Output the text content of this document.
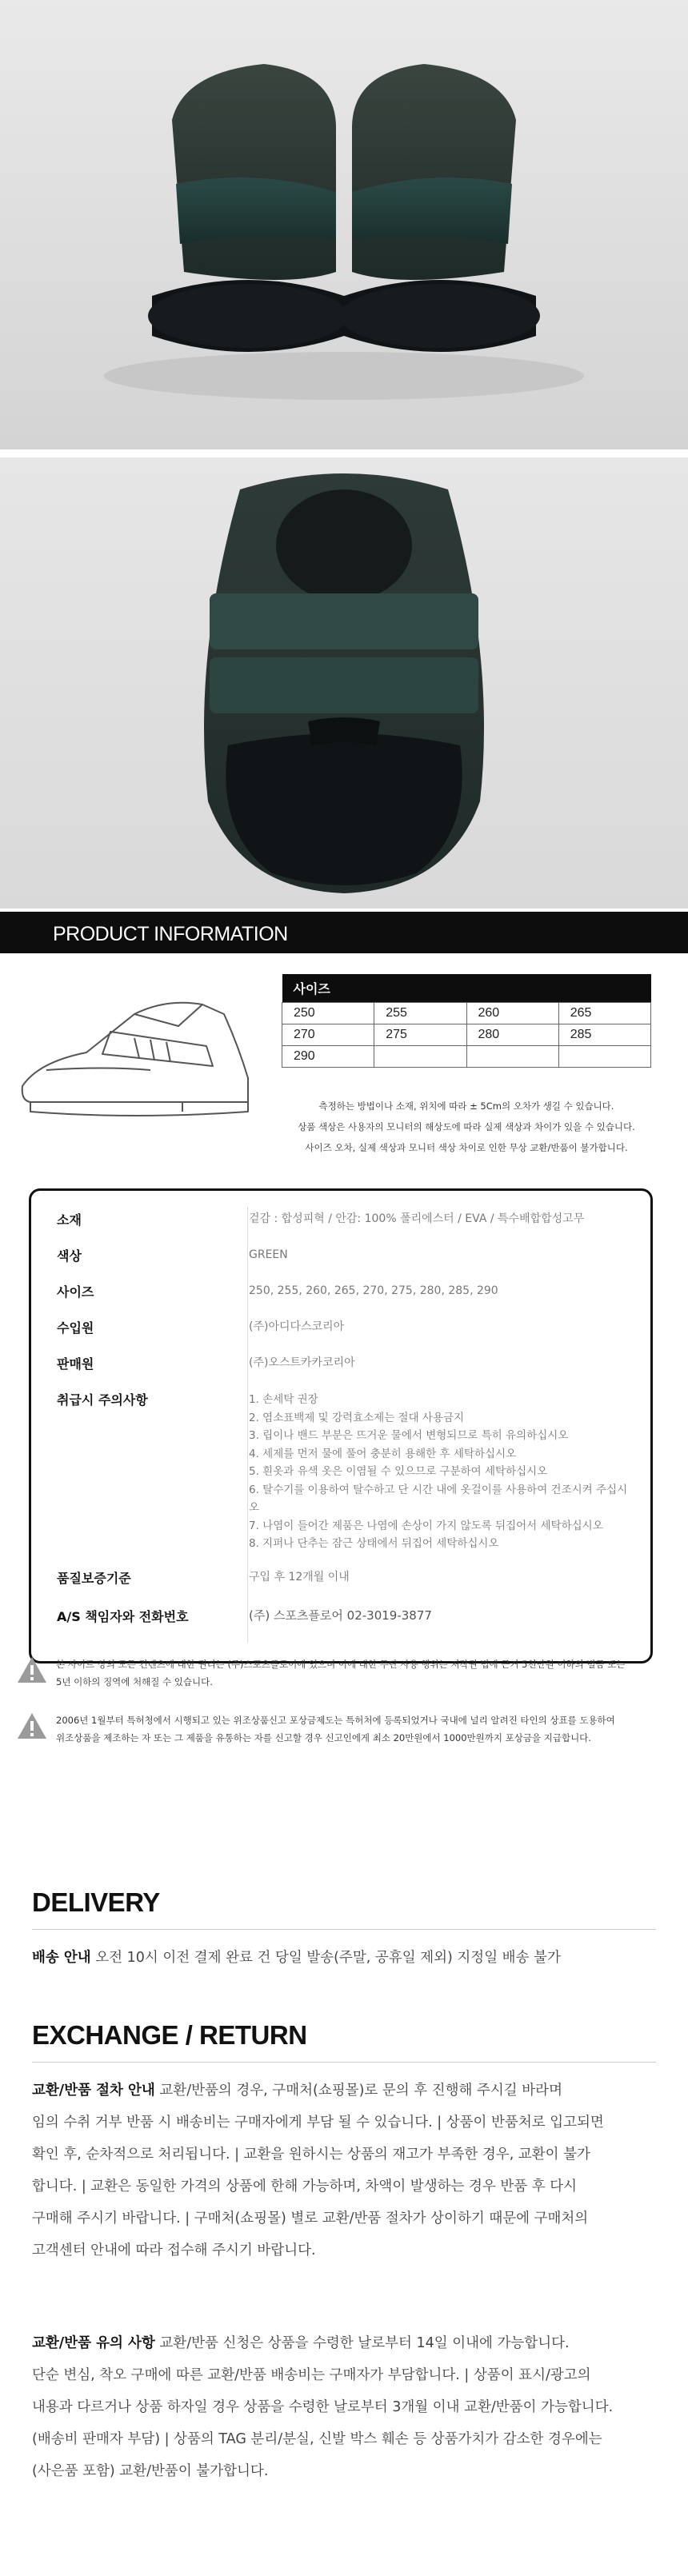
PRODUCT INFORMATION
사이즈			
250	255	260	265
270	275	280	285
290			
측정하는 방법이나 소재, 위치에 따라 ± 5Cm의 오차가 생길 수 있습니다.
상품 색상은 사용자의 모니터의 해상도에 따라 실제 색상과 차이가 있을 수 있습니다.
사이즈 오차, 실제 색상과 모니터 색상 차이로 인한 무상 교환/반품이 불가합니다.
소재	겉감 : 합성피혁 / 안감: 100% 폴리에스터 / EVA / 특수배합합성고무
색상	GREEN
사이즈	250, 255, 260, 265, 270, 275, 280, 285, 290
수입원	(주)아디다스코리아
판매원	(주)오스트카카코리아
취급시 주의사항	1. 손세탁 권장
2. 염소표백제 및 강력효소제는 절대 사용금지
3. 립이나 밴드 부분은 뜨거운 물에서 변형되므로 특히 유의하십시오
4. 세제를 먼저 물에 풀어 충분히 용해한 후 세탁하십시오
5. 흰옷과 유색 옷은 이염될 수 있으므로 구분하여 세탁하십시오
6. 탈수기를 이용하여 탈수하고 단 시간 내에 옷걸이를 사용하여 건조시켜 주십시오
7. 나염이 들어간 제품은 나염에 손상이 가지 않도록 뒤집어서 세탁하십시오
8. 지퍼나 단추는 잠근 상태에서 뒤집어 세탁하십시오
품질보증기준	구입 후 12개월 이내
A/S 책임자와 전화번호	(주) 스포츠플로어 02-3019-3877
본 사이트 상의 모든 컨텐츠에 대한 권리는 (주)스포츠플로어에 있으며 이에 대한 무단 사용 행위는 저작권 법에 근거 5천만원 이하의 벌금 또는
5년 이하의 징역에 처해질 수 있습니다.
2006년 1월부터 특허청에서 시행되고 있는 위조상품신고 포상금제도는 특허처에 등록되었거나 국내에 널리 알려진 타인의 상표를 도용하여
위조상품을 제조하는 자 또는 그 제품을 유통하는 자를 신고할 경우 신고인에게 최소 20만원에서 1000만원까지 포상금을 지급합니다.
DELIVERY
배송 안내 오전 10시 이전 결제 완료 건 당일 발송(주말, 공휴일 제외) 지정일 배송 불가
EXCHANGE / RETURN
교환/반품 절차 안내 교환/반품의 경우, 구매처(쇼핑몰)로 문의 후 진행해 주시길 바라며
임의 수취 거부 반품 시 배송비는 구매자에게 부담 될 수 있습니다. | 상품이 반품처로 입고되면
확인 후, 순차적으로 처리됩니다. | 교환을 원하시는 상품의 재고가 부족한 경우, 교환이 불가
합니다. | 교환은 동일한 가격의 상품에 한해 가능하며, 차액이 발생하는 경우 반품 후 다시
구매해 주시기 바랍니다. | 구매처(쇼핑몰) 별로 교환/반품 절차가 상이하기 때문에 구매처의
고객센터 안내에 따라 접수해 주시기 바랍니다.
교환/반품 유의 사항 교환/반품 신청은 상품을 수령한 날로부터 14일 이내에 가능합니다.
단순 변심, 착오 구매에 따른 교환/반품 배송비는 구매자가 부담합니다. | 상품이 표시/광고의
내용과 다르거나 상품 하자일 경우 상품을 수령한 날로부터 3개월 이내 교환/반품이 가능합니다.
(배송비 판매자 부담) | 상품의 TAG 분리/분실, 신발 박스 훼손 등 상품가치가 감소한 경우에는
(사은품 포함) 교환/반품이 불가합니다.
